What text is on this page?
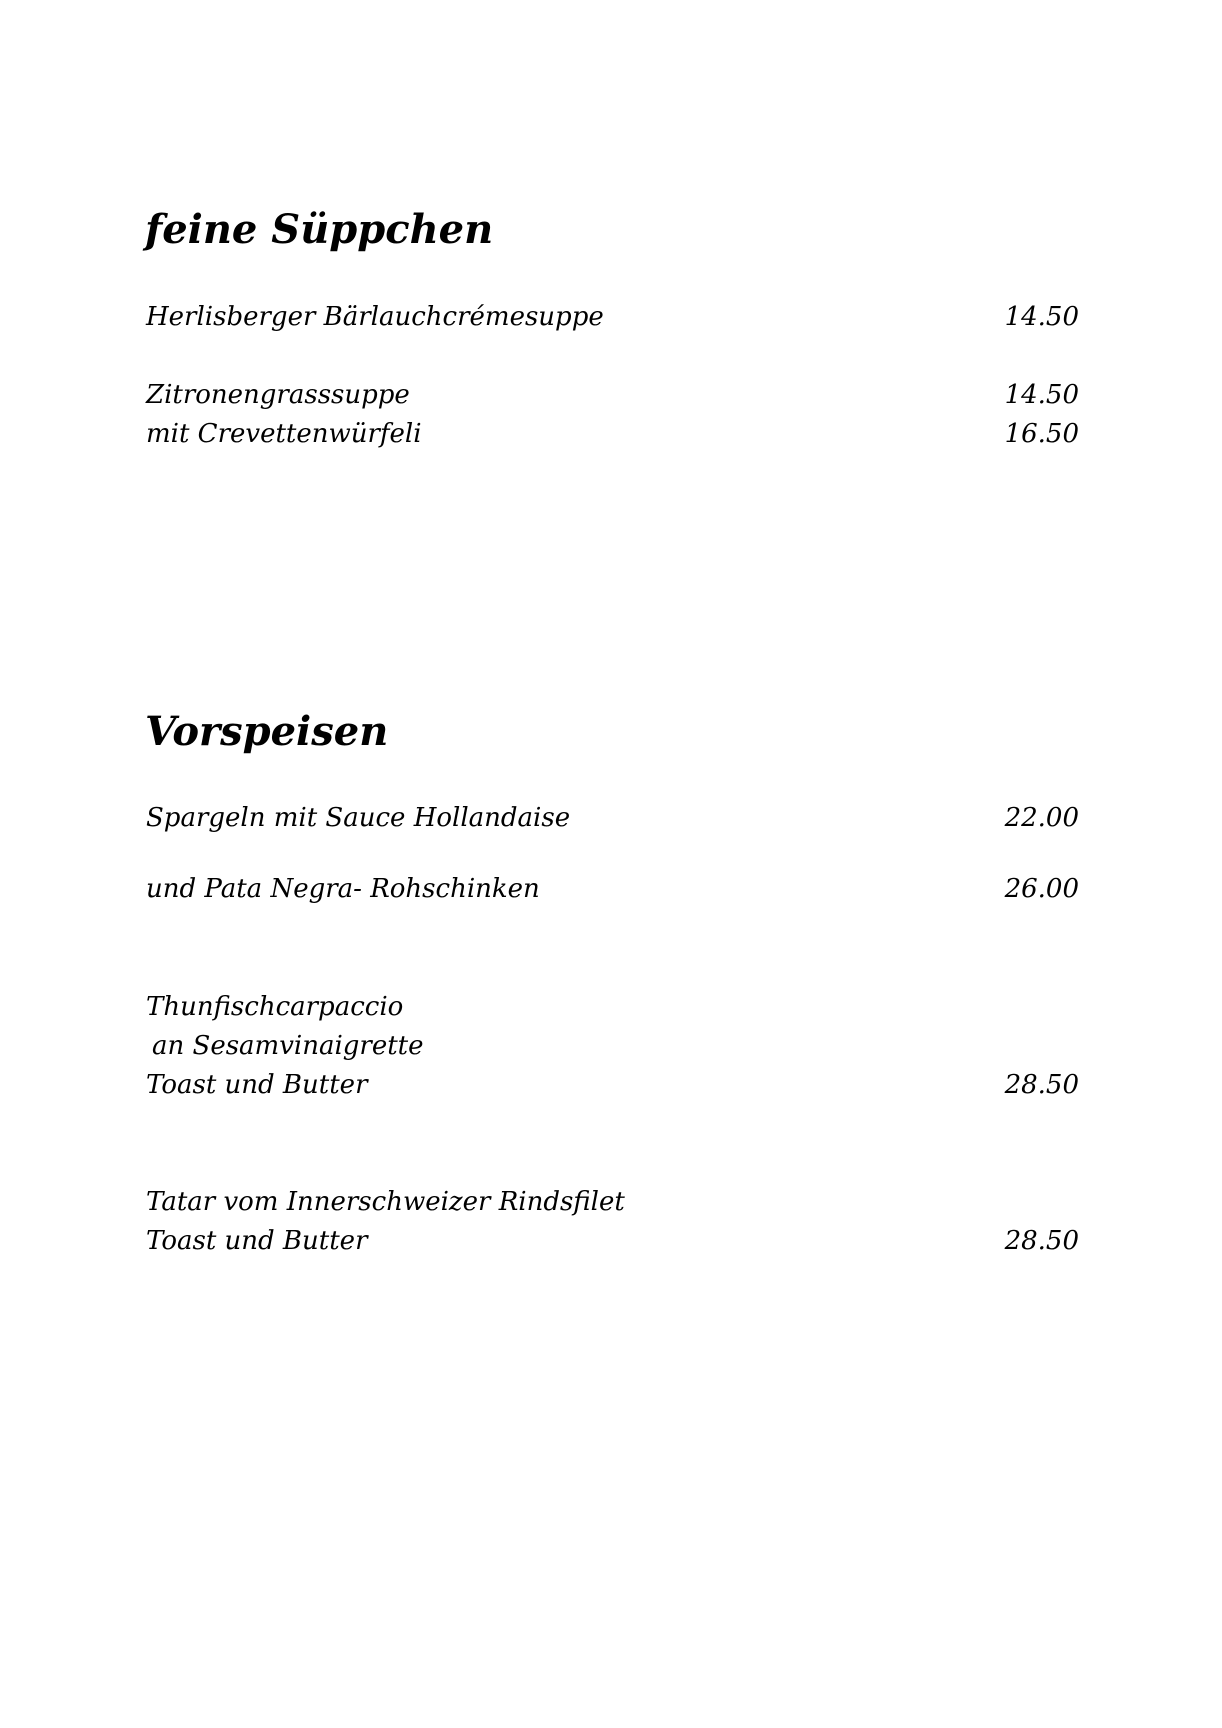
feine Süppchen
Herlisberger Bärlauchcrémesuppe	14.50
Zitronengrasssuppe	14.50
mit Crevettenwürfeli	16.50
Vorspeisen
Spargeln mit Sauce Hollandaise	22.00
und Pata Negra- Rohschinken	26.00
Thunfischcarpaccio
an Sesamvinaigrette
Toast und Butter	28.50
Tatar vom Innerschweizer Rindsfilet
Toast und Butter	28.50
